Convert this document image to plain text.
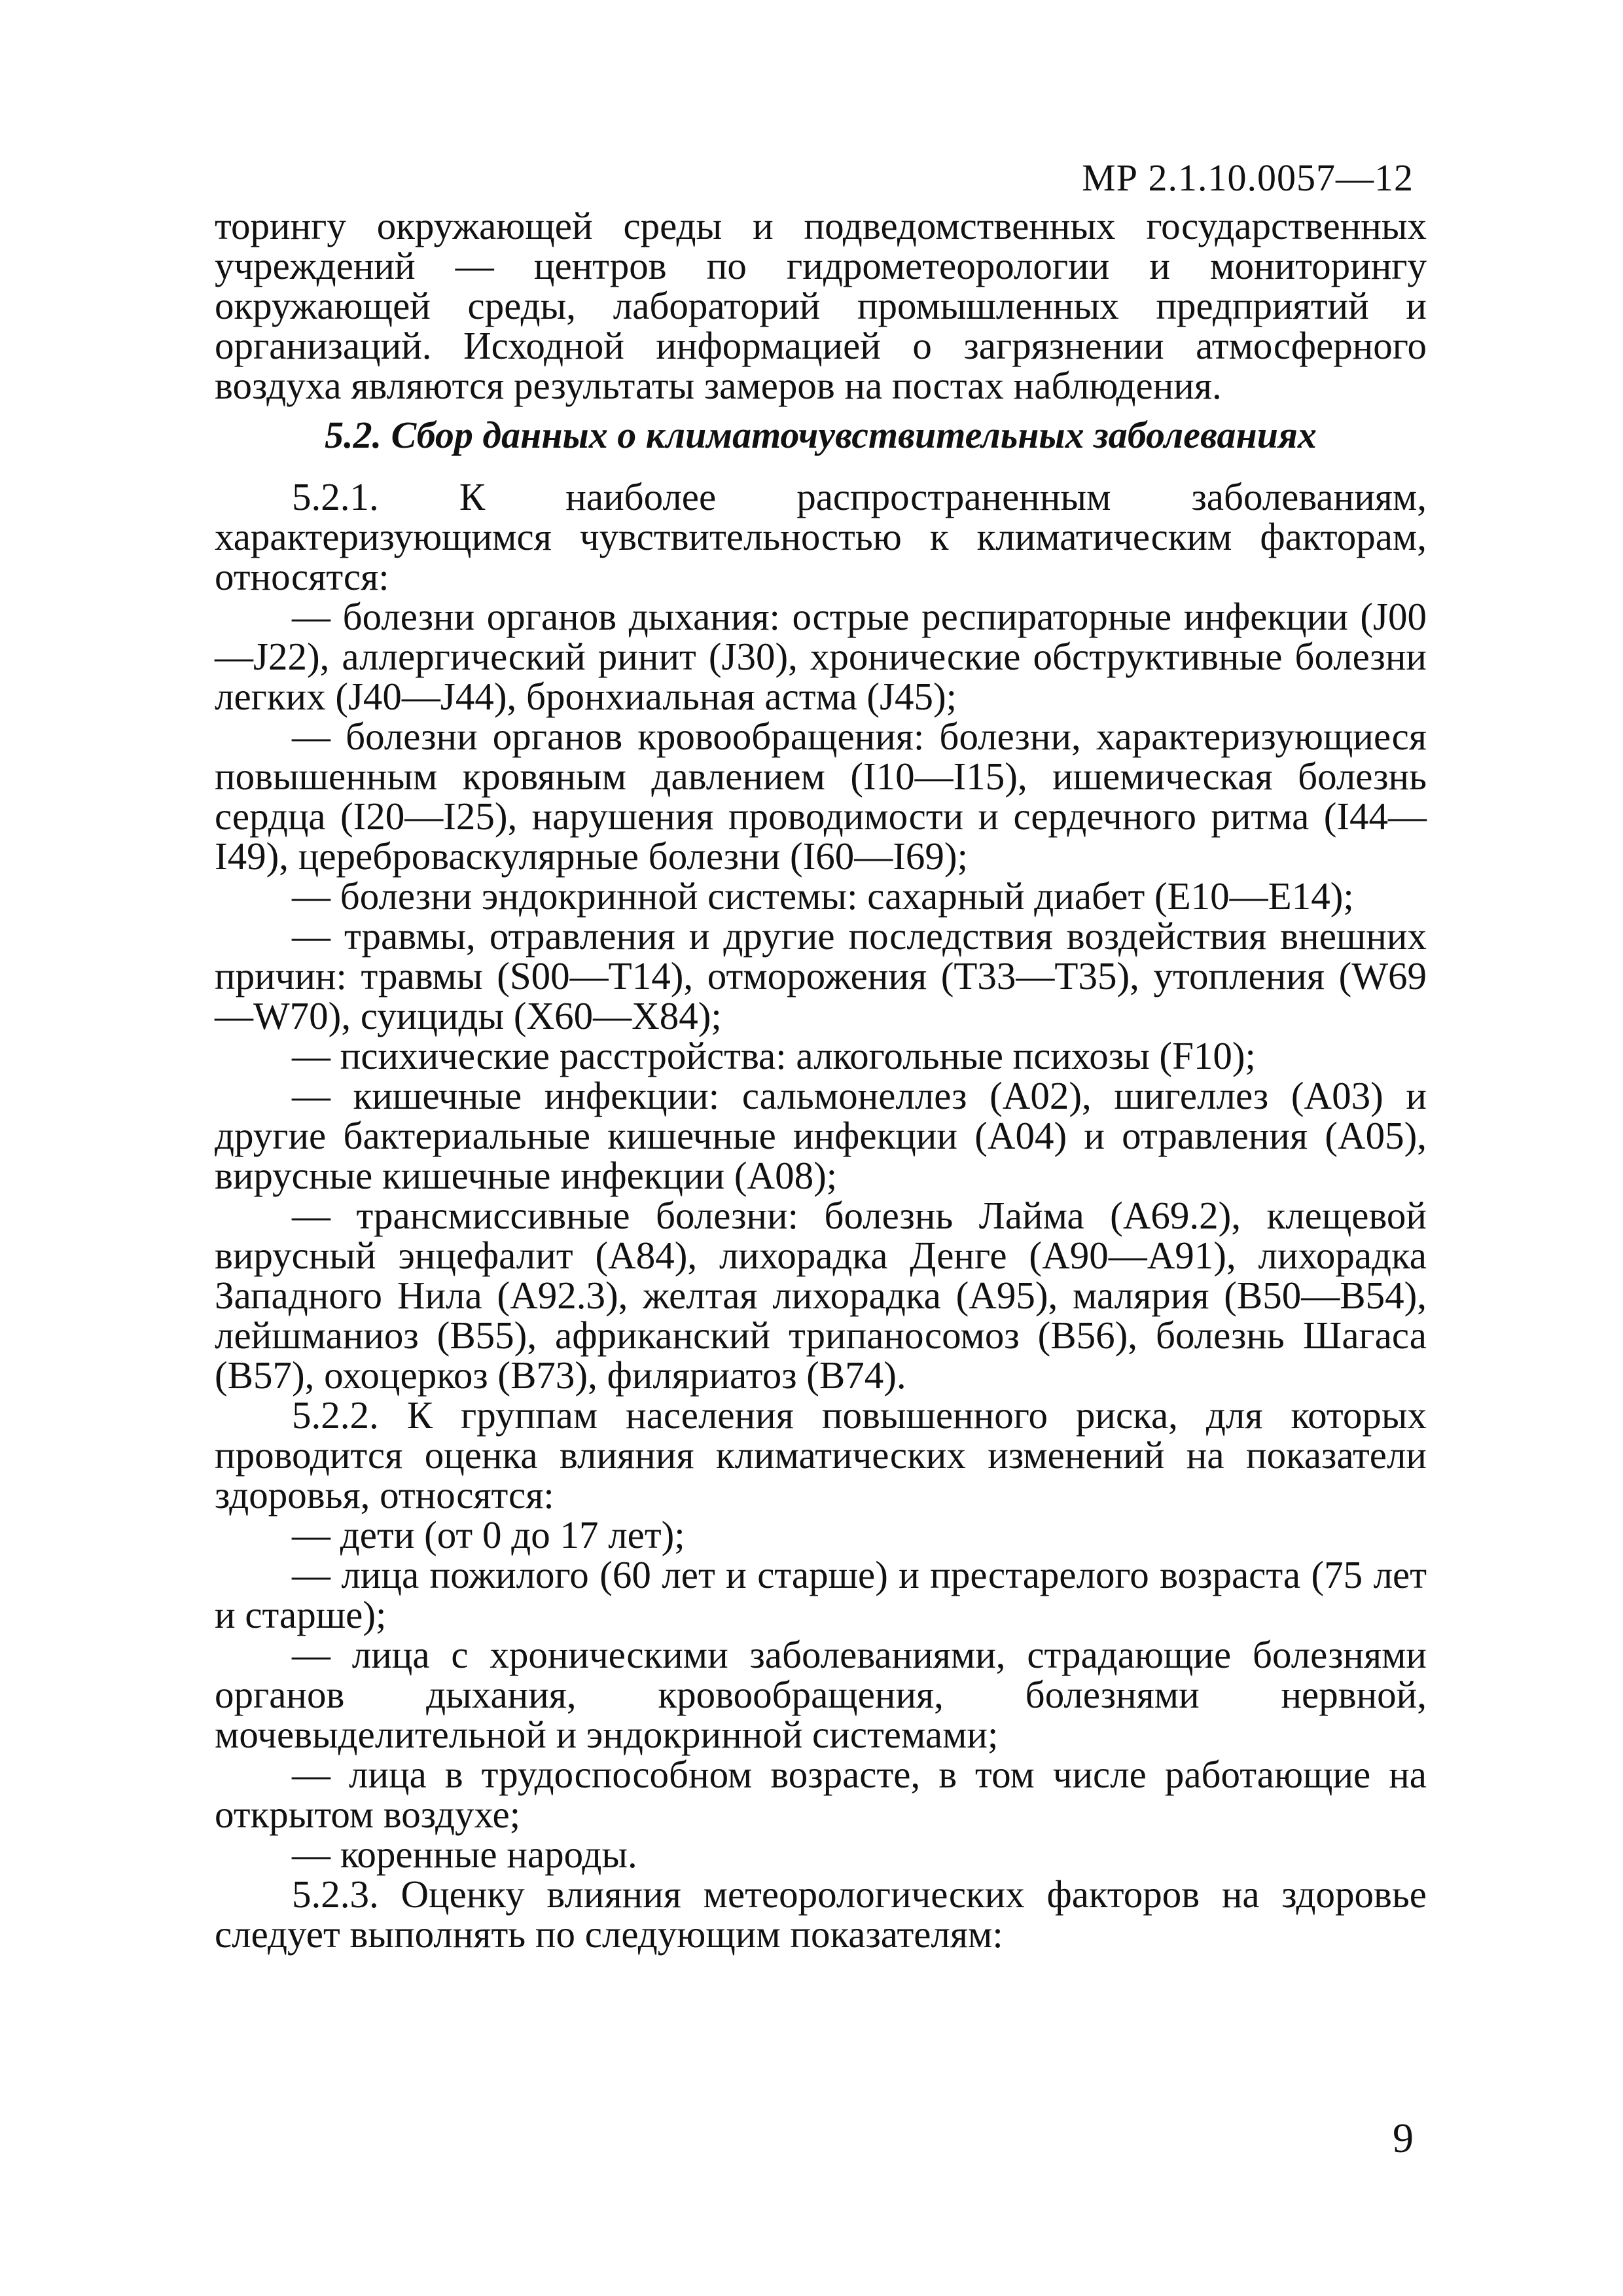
МР 2.1.10.0057—12

торингу окружающей среды и подведомственных государственных учреждений — центров по гидрометеорологии и мониторингу окружающей среды, лабораторий промышленных предприятий и организаций. Исходной информацией о загрязнении атмосферного воздуха являются результаты замеров на постах наблюдения.

5.2. Сбор данных о климаточувствительных заболеваниях

5.2.1. К наиболее распространенным заболеваниям, характеризующимся чувствительностью к климатическим факторам, относятся:

— болезни органов дыхания: острые респираторные инфекции (J00—J22), аллергический ринит (J30), хронические обструктивные болезни легких (J40—J44), бронхиальная астма (J45);

— болезни органов кровообращения: болезни, характеризующиеся повышенным кровяным давлением (I10—I15), ишемическая болезнь сердца (I20—I25), нарушения проводимости и сердечного ритма (I44—I49), цереброваскулярные болезни (I60—I69);

— болезни эндокринной системы: сахарный диабет (E10—E14);

— травмы, отравления и другие последствия воздействия внешних причин: травмы (S00—T14), отморожения (T33—T35), утопления (W69—W70), суициды (X60—X84);

— психические расстройства: алкогольные психозы (F10);

— кишечные инфекции: сальмонеллез (A02), шигеллез (A03) и другие бактериальные кишечные инфекции (A04) и отравления (A05), вирусные кишечные инфекции (A08);

— трансмиссивные болезни: болезнь Лайма (A69.2), клещевой вирусный энцефалит (A84), лихорадка Денге (A90—A91), лихорадка Западного Нила (A92.3), желтая лихорадка (A95), малярия (B50—B54), лейшманиоз (B55), африканский трипаносомоз (B56), болезнь Шагаса (B57), охоцеркоз (B73), филяриатоз (B74).

5.2.2. К группам населения повышенного риска, для которых проводится оценка влияния климатических изменений на показатели здоровья, относятся:

— дети (от 0 до 17 лет);

— лица пожилого (60 лет и старше) и престарелого возраста (75 лет и старше);

— лица с хроническими заболеваниями, страдающие болезнями органов дыхания, кровообращения, болезнями нервной, мочевыделительной и эндокринной системами;

— лица в трудоспособном возрасте, в том числе работающие на открытом воздухе;

— коренные народы.

5.2.3. Оценку влияния метеорологических факторов на здоровье следует выполнять по следующим показателям:

9
